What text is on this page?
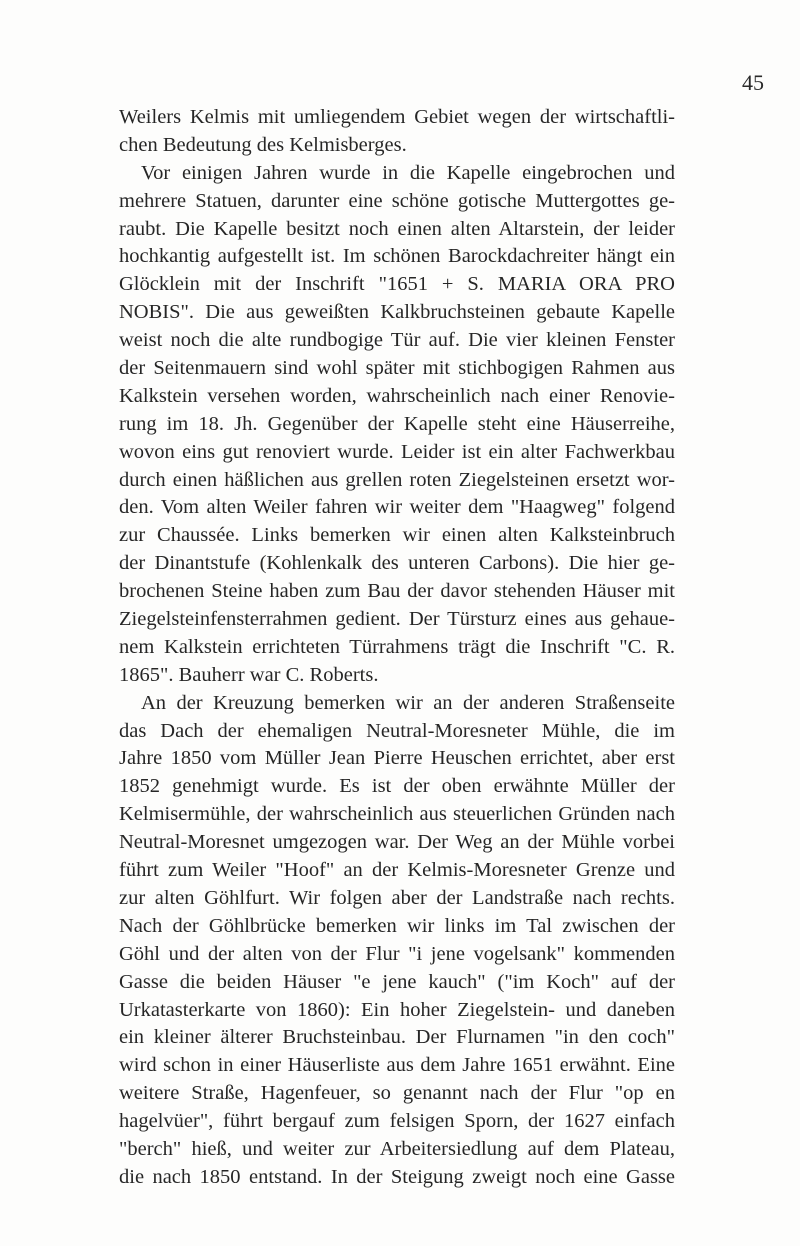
45

Weilers Kelmis mit umliegendem Gebiet wegen der wirtschaftli-
chen Bedeutung des Kelmisberges.

Vor einigen Jahren wurde in die Kapelle eingebrochen und
mehrere Statuen, darunter eine schöne gotische Muttergottes ge-
raubt. Die Kapelle besitzt noch einen alten Altarstein, der leider
hochkantig aufgestellt ist. Im schönen Barockdachreiter hängt ein
Glöcklein mit der Inschrift "1651 + S. MARIA ORA PRO
NOBIS". Die aus geweißten Kalkbruchsteinen gebaute Kapelle
weist noch die alte rundbogige Tür auf. Die vier kleinen Fenster
der Seitenmauern sind wohl später mit stichbogigen Rahmen aus
Kalkstein versehen worden, wahrscheinlich nach einer Renovie-
rung im 18. Jh. Gegenüber der Kapelle steht eine Häuserreihe,
wovon eins gut renoviert wurde. Leider ist ein alter Fachwerkbau
durch einen häßlichen aus grellen roten Ziegelsteinen ersetzt wor-
den. Vom alten Weiler fahren wir weiter dem "Haagweg" folgend
zur Chaussée. Links bemerken wir einen alten Kalksteinbruch
der Dinantstufe (Kohlenkalk des unteren Carbons). Die hier ge-
brochenen Steine haben zum Bau der davor stehenden Häuser mit
Ziegelsteinfensterrahmen gedient. Der Türsturz eines aus gehaue-
nem Kalkstein errichteten Türrahmens trägt die Inschrift "C. R.
1865". Bauherr war C. Roberts.

An der Kreuzung bemerken wir an der anderen Straßenseite
das Dach der ehemaligen Neutral-Moresneter Mühle, die im
Jahre 1850 vom Müller Jean Pierre Heuschen errichtet, aber erst
1852 genehmigt wurde. Es ist der oben erwähnte Müller der
Kelmisermühle, der wahrscheinlich aus steuerlichen Gründen nach
Neutral-Moresnet umgezogen war. Der Weg an der Mühle vorbei
führt zum Weiler "Hoof" an der Kelmis-Moresneter Grenze und
zur alten Göhlfurt. Wir folgen aber der Landstraße nach rechts.
Nach der Göhlbrücke bemerken wir links im Tal zwischen der
Göhl und der alten von der Flur "i jene vogelsank" kommenden
Gasse die beiden Häuser "e jene kauch" ("im Koch" auf der
Urkatasterkarte von 1860): Ein hoher Ziegelstein- und daneben
ein kleiner älterer Bruchsteinbau. Der Flurnamen "in den coch"
wird schon in einer Häuserliste aus dem Jahre 1651 erwähnt. Eine
weitere Straße, Hagenfeuer, so genannt nach der Flur "op en
hagelvüer", führt bergauf zum felsigen Sporn, der 1627 einfach
"berch" hieß, und weiter zur Arbeitersiedlung auf dem Plateau,
die nach 1850 entstand. In der Steigung zweigt noch eine Gasse
